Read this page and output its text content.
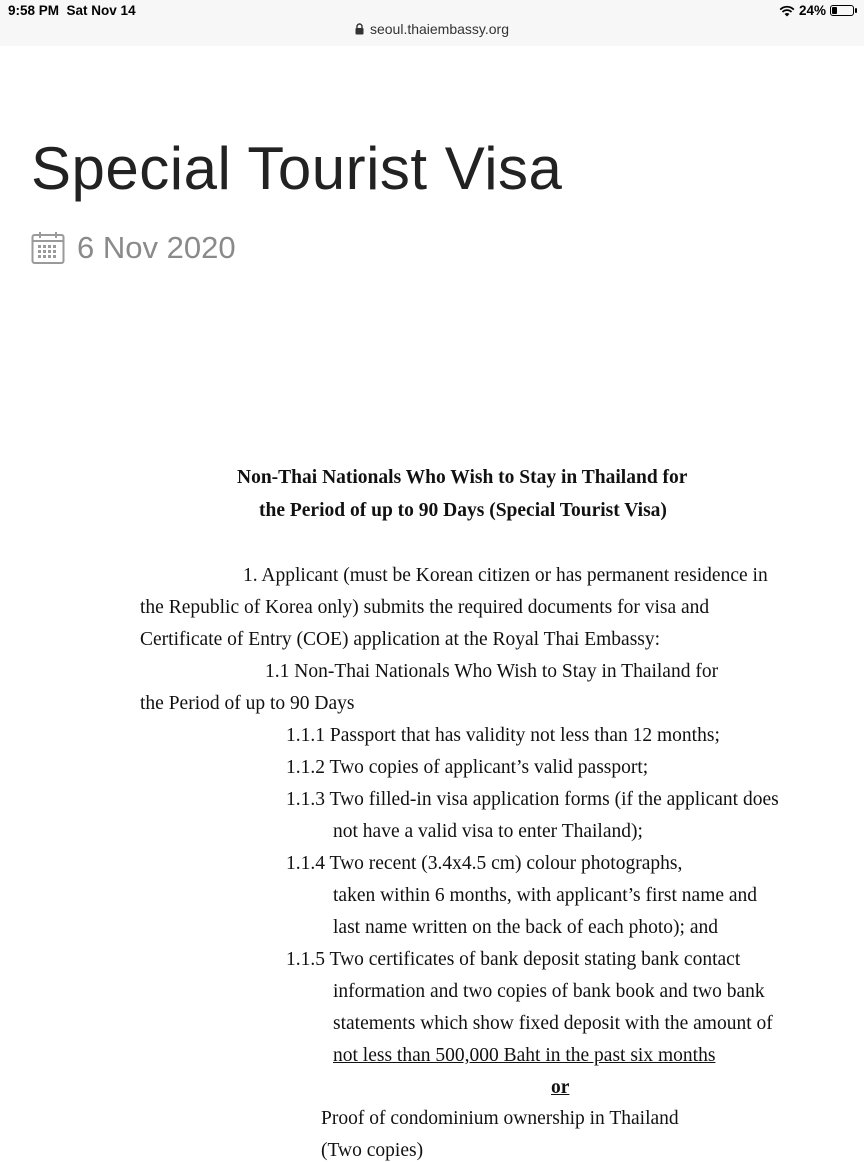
9:58 PM Sat Nov 14	24%
seoul.thaiembassy.org
Special Tourist Visa
6 Nov 2020
Non-Thai Nationals Who Wish to Stay in Thailand for
the Period of up to 90 Days (Special Tourist Visa)
1. Applicant (must be Korean citizen or has permanent residence in
the Republic of Korea only) submits the required documents for visa and
Certificate of Entry (COE) application at the Royal Thai Embassy:
1.1 Non-Thai Nationals Who Wish to Stay in Thailand for
the Period of up to 90 Days
1.1.1 Passport that has validity not less than 12 months;
1.1.2 Two copies of applicant’s valid passport;
1.1.3 Two filled-in visa application forms (if the applicant does
not have a valid visa to enter Thailand);
1.1.4 Two recent (3.4x4.5 cm) colour photographs,
taken within 6 months, with applicant’s first name and
last name written on the back of each photo); and
1.1.5 Two certificates of bank deposit stating bank contact
information and two copies of bank book and two bank
statements which show fixed deposit with the amount of
not less than 500,000 Baht in the past six months
or
Proof of condominium ownership in Thailand
(Two copies)
